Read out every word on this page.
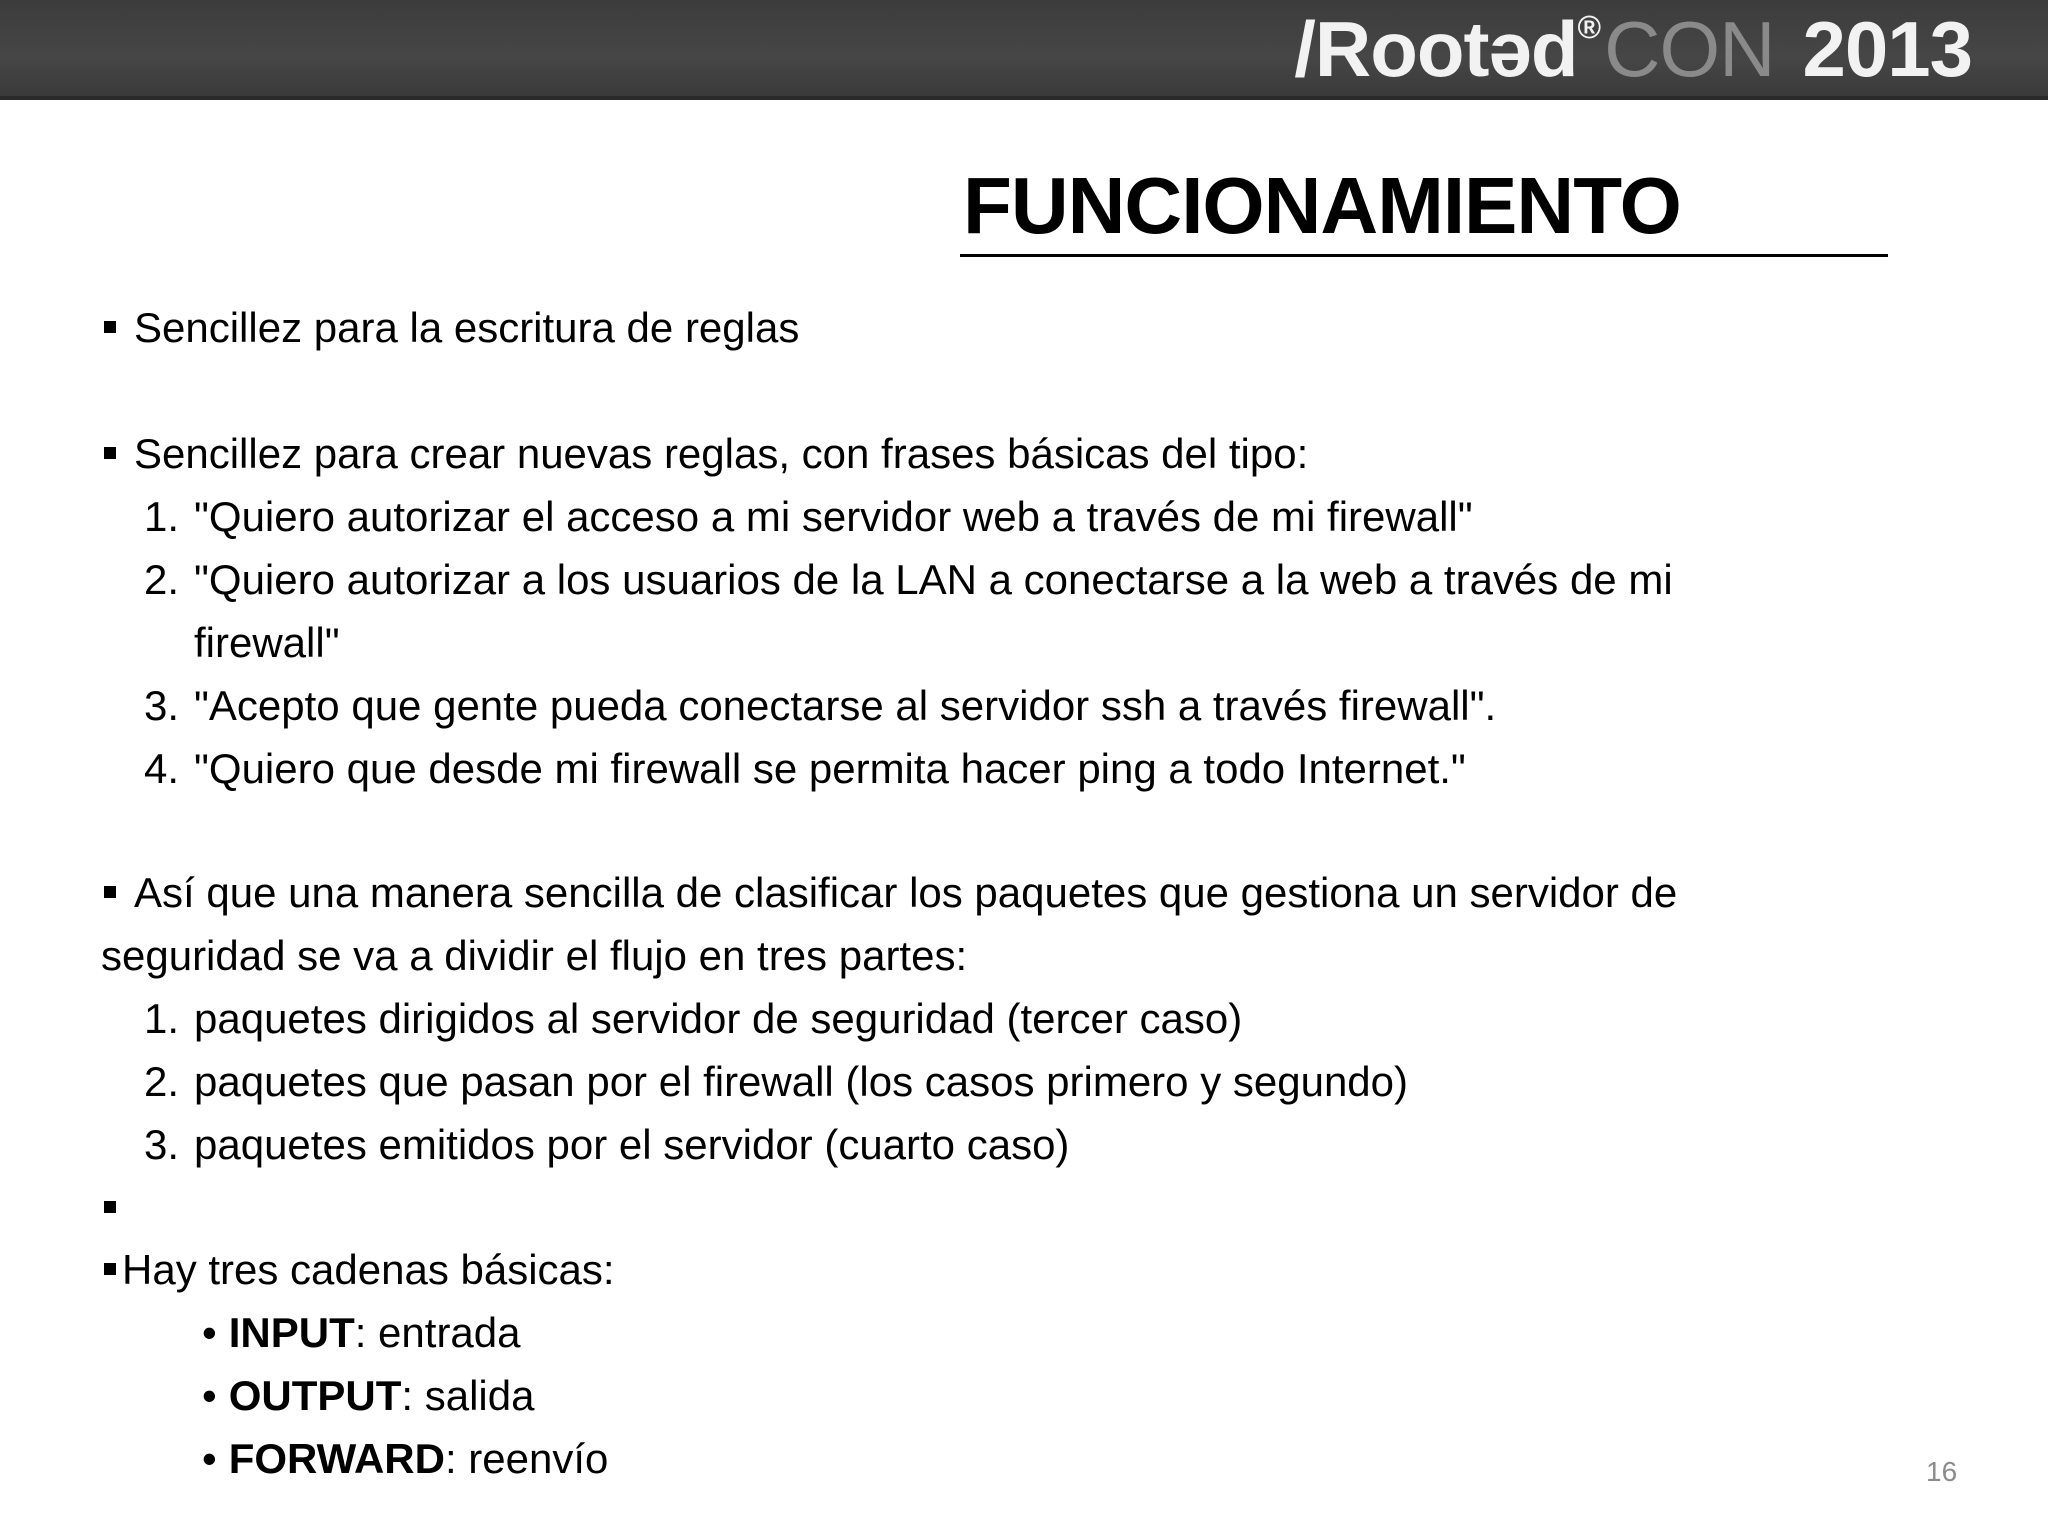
/Rootəd ® CON 2013
FUNCIONAMIENTO
Sencillez para la escritura de reglas
Sencillez para crear nuevas reglas, con frases básicas del tipo:
1. "Quiero autorizar el acceso a mi servidor web a través de mi firewall"
2. "Quiero autorizar a los usuarios de la LAN a conectarse a la web a través de mi
firewall"
3. "Acepto que gente pueda conectarse al servidor ssh a través firewall".
4. "Quiero que desde mi firewall se permita hacer ping a todo Internet."
Así que una manera sencilla de clasificar los paquetes que gestiona un servidor de
seguridad se va a dividir el flujo en tres partes:
1. paquetes dirigidos al servidor de seguridad (tercer caso)
2. paquetes que pasan por el firewall (los casos primero y segundo)
3. paquetes emitidos por el servidor (cuarto caso)
Hay tres cadenas básicas:
• INPUT: entrada
• OUTPUT: salida
• FORWARD: reenvío	16
